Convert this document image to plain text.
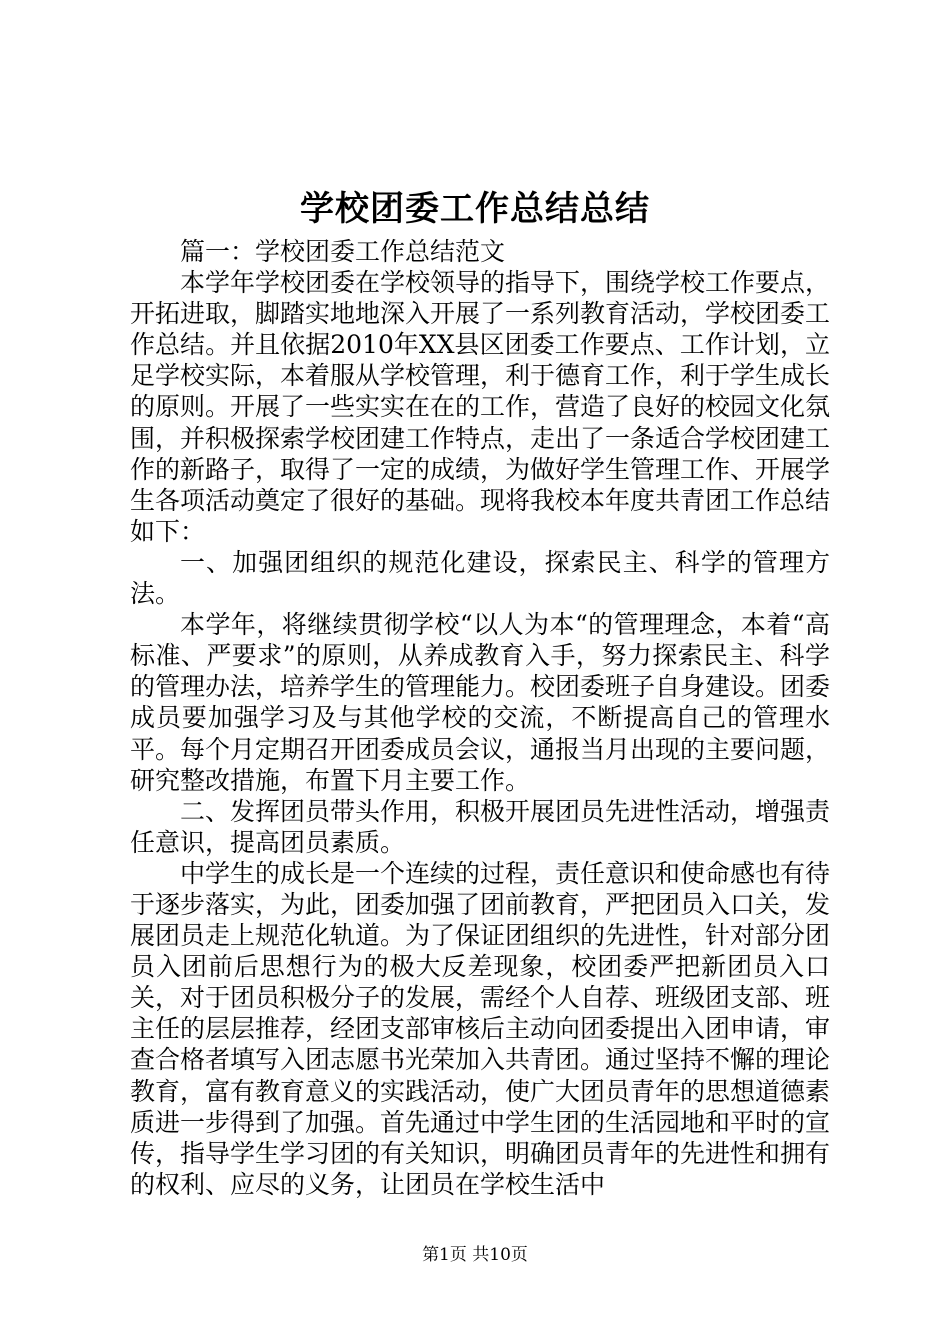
学校团委工作总结总结

篇一：学校团委工作总结范文

本学年学校团委在学校领导的指导下，围绕学校工作要点，开拓进取，脚踏实地地深入开展了一系列教育活动，学校团委工作总结。并且依据2010年XX县区团委工作要点、工作计划，立足学校实际，本着服从学校管理，利于德育工作，利于学生成长的原则。开展了一些实实在在的工作，营造了良好的校园文化氛围，并积极探索学校团建工作特点，走出了一条适合学校团建工作的新路子，取得了一定的成绩，为做好学生管理工作、开展学生各项活动奠定了很好的基础。现将我校本年度共青团工作总结如下：

一、加强团组织的规范化建设，探索民主、科学的管理方法。

本学年，将继续贯彻学校“以人为本“的管理理念，本着“高标准、严要求”的原则，从养成教育入手，努力探索民主、科学的管理办法，培养学生的管理能力。校团委班子自身建设。团委成员要加强学习及与其他学校的交流，不断提高自己的管理水平。每个月定期召开团委成员会议，通报当月出现的主要问题，研究整改措施，布置下月主要工作。

二、发挥团员带头作用，积极开展团员先进性活动，增强责任意识，提高团员素质。

中学生的成长是一个连续的过程，责任意识和使命感也有待于逐步落实，为此，团委加强了团前教育，严把团员入口关，发展团员走上规范化轨道。为了保证团组织的先进性，针对部分团员入团前后思想行为的极大反差现象，校团委严把新团员入口关，对于团员积极分子的发展，需经个人自荐、班级团支部、班主任的层层推荐，经团支部审核后主动向团委提出入团申请，审查合格者填写入团志愿书光荣加入共青团。通过坚持不懈的理论教育，富有教育意义的实践活动，使广大团员青年的思想道德素质进一步得到了加强。首先通过中学生团的生活园地和平时的宣传，指导学生学习团的有关知识，明确团员青年的先进性和拥有的权利、应尽的义务，让团员在学校生活中

第1页 共10页
